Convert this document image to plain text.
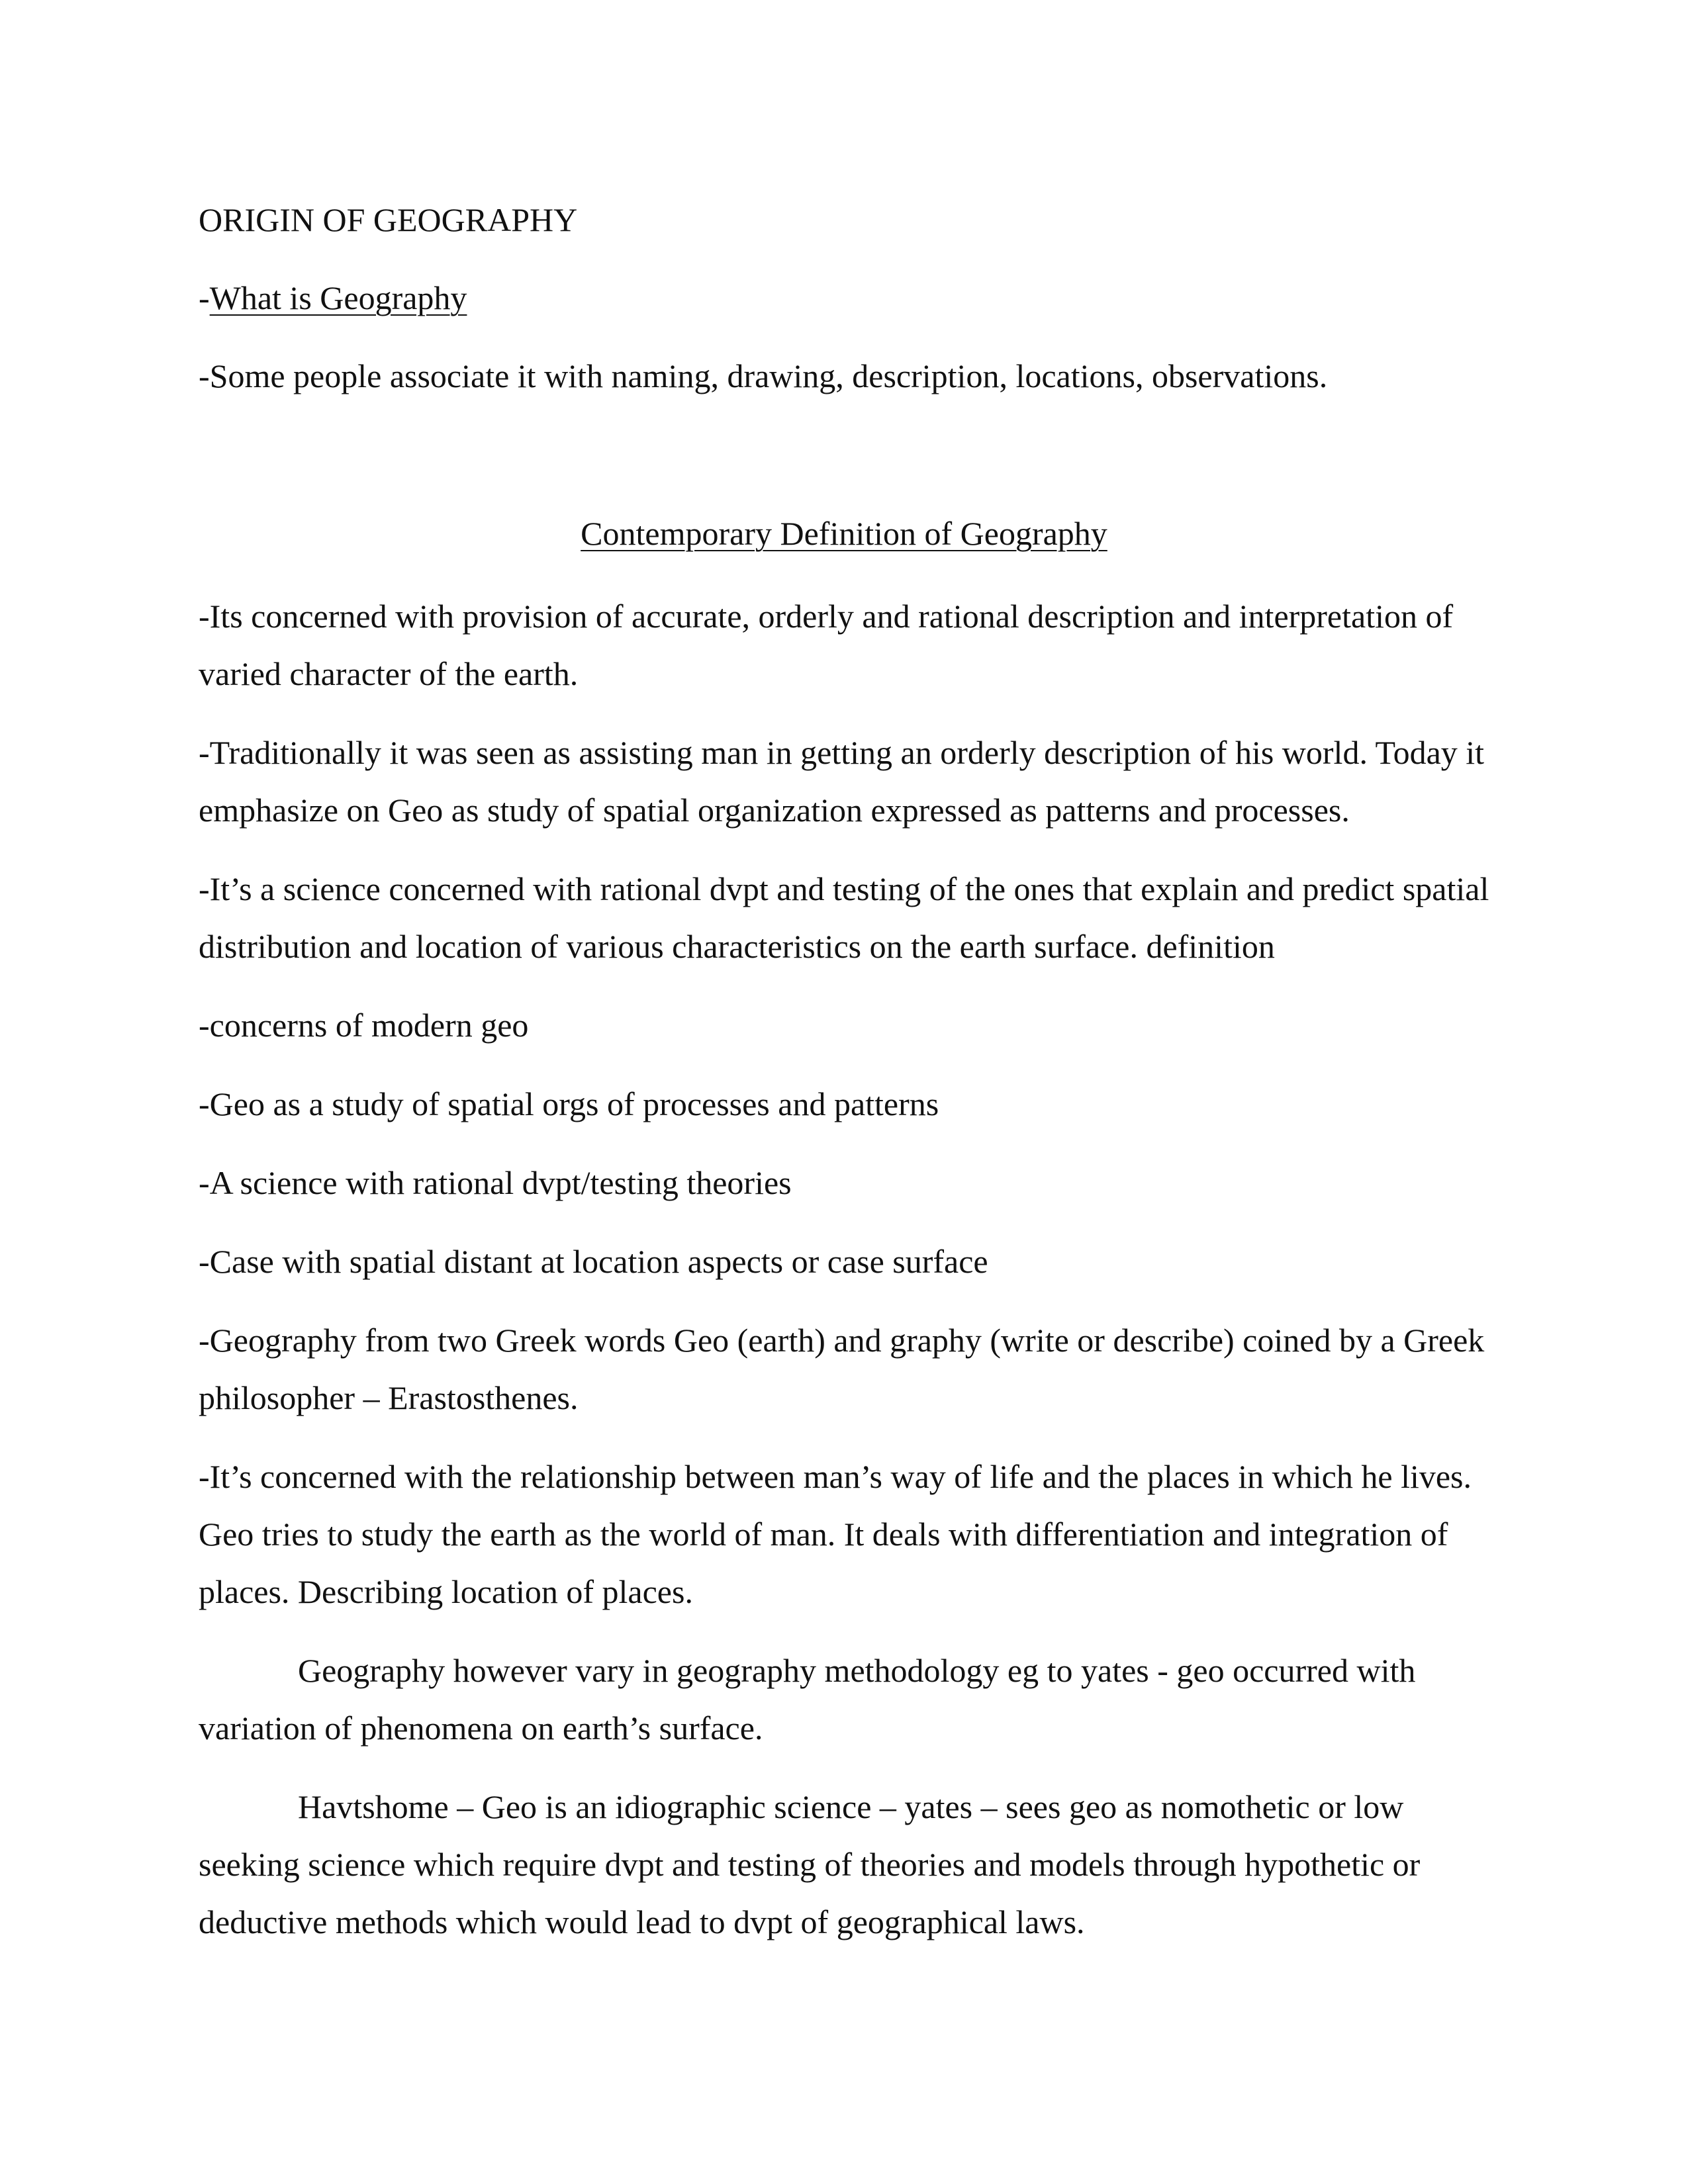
ORIGIN OF GEOGRAPHY

-What is Geography

-Some people associate it with naming, drawing, description, locations, observations.

Contemporary Definition of Geography

-Its concerned with provision of accurate, orderly and rational description and interpretation of varied character of the earth.

-Traditionally it was seen as assisting man in getting an orderly description of his world. Today it emphasize on Geo as study of spatial organization expressed as patterns and processes.

-It’s a science concerned with rational dvpt and testing of the ones that explain and predict spatial distribution and location of various characteristics on the earth surface. definition

-concerns of modern geo

-Geo as a study of spatial orgs of processes and patterns

-A science with rational dvpt/testing theories

-Case with spatial distant at location aspects or case surface

-Geography from two Greek words Geo (earth) and graphy (write or describe) coined by a Greek philosopher – Erastosthenes.

-It’s concerned with the relationship between man’s way of life and the places in which he lives. Geo tries to study the earth as the world of man. It deals with differentiation and integration of places. Describing location of places.

Geography however vary in geography methodology eg to yates - geo occurred with variation of phenomena on earth’s surface.

Havtshome – Geo is an idiographic science – yates – sees geo as nomothetic or low seeking science which require dvpt and testing of theories and models through hypothetic or deductive methods which would lead to dvpt of geographical laws.
